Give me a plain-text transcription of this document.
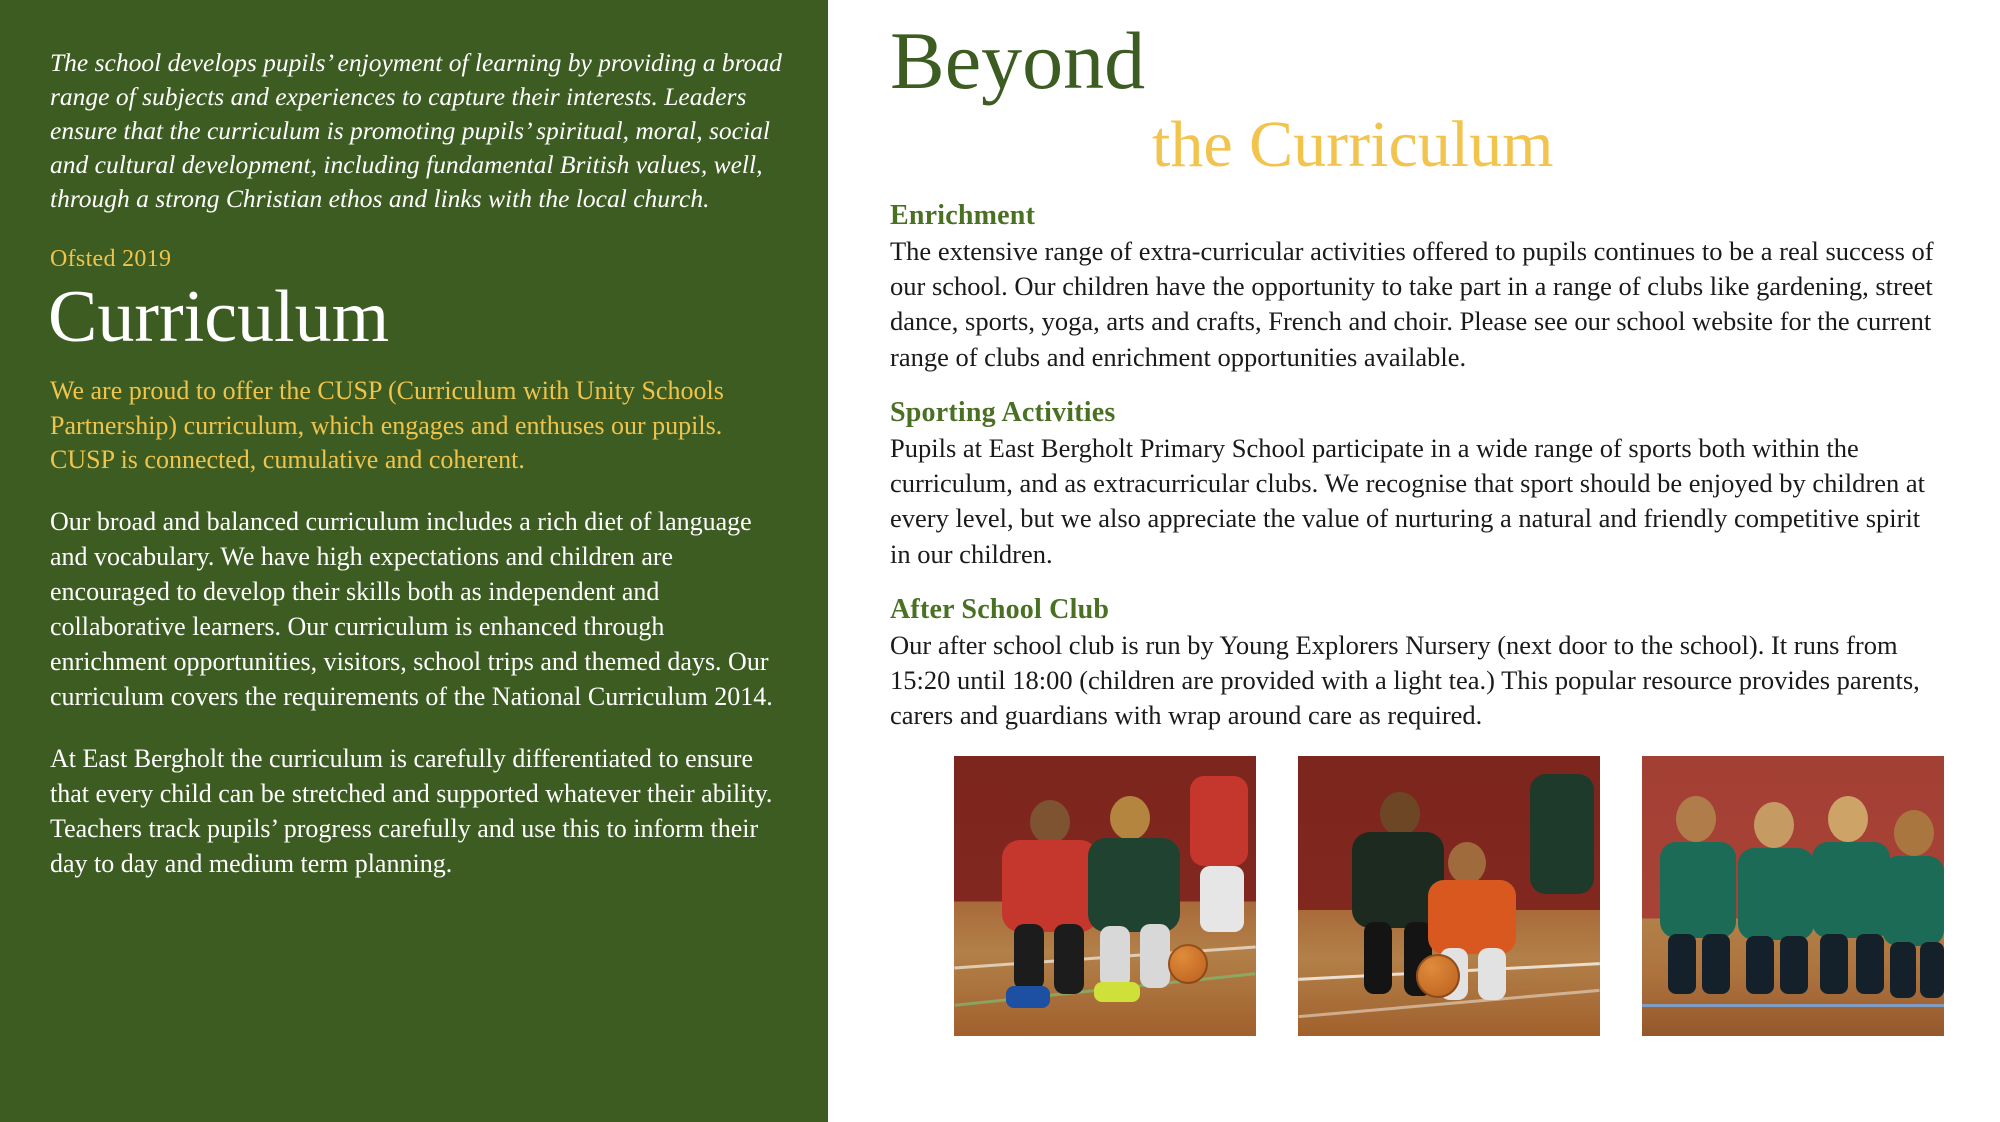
The school develops pupils’ enjoyment of learning by providing a broad range of subjects and experiences to capture their interests. Leaders ensure that the curriculum is promoting pupils’ spiritual, moral, social and cultural development, including fundamental British values, well, through a strong Christian ethos and links with the local church.

Ofsted 2019

Curriculum

We are proud to offer the CUSP (Curriculum with Unity Schools Partnership) curriculum, which engages and enthuses our pupils. CUSP is connected, cumulative and coherent.

Our broad and balanced curriculum includes a rich diet of language and vocabulary. We have high expectations and children are encouraged to develop their skills both as independent and collaborative learners. Our curriculum is enhanced through enrichment opportunities, visitors, school trips and themed days. Our curriculum covers the requirements of the National Curriculum 2014.

At East Bergholt the curriculum is carefully differentiated to ensure that every child can be stretched and supported whatever their ability. Teachers track pupils’ progress carefully and use this to inform their day to day and medium term planning.

Beyond
the Curriculum
Enrichment

The extensive range of extra-curricular activities offered to pupils continues to be a real success of our school. Our children have the opportunity to take part in a range of clubs like gardening, street dance, sports, yoga, arts and crafts, French and choir. Please see our school website for the current range of clubs and enrichment opportunities available.

Sporting Activities

Pupils at East Bergholt Primary School participate in a wide range of sports both within the curriculum, and as extracurricular clubs. We recognise that sport should be enjoyed by children at every level, but we also appreciate the value of nurturing a natural and friendly competitive spirit in our children.

After School Club

Our after school club is run by Young Explorers Nursery (next door to the school). It runs from 15:20 until 18:00 (children are provided with a light tea.) This popular resource provides parents, carers and guardians with wrap around care as required.
